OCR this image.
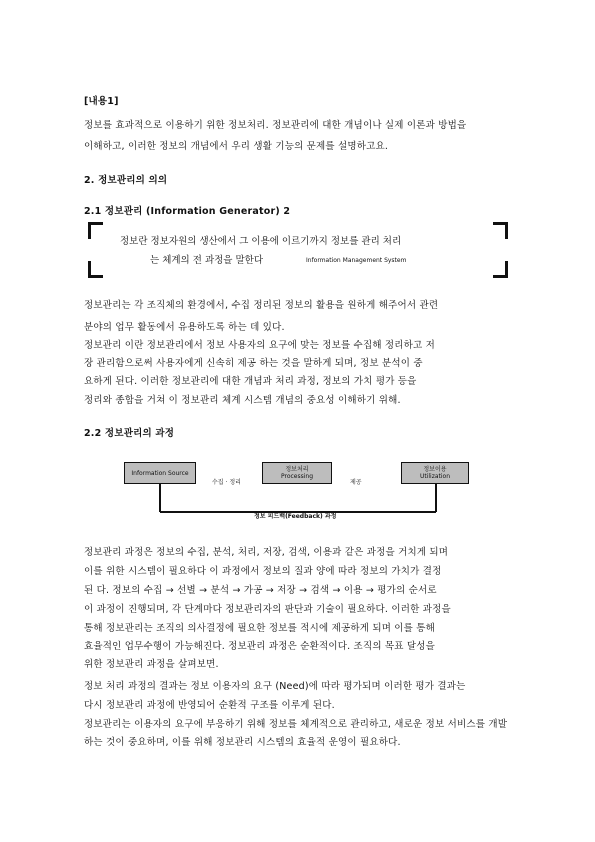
[내용1]
정보를 효과적으로 이용하기 위한 정보처리. 정보관리에 대한 개념이나 실제 이론과 방법을
이해하고, 이러한 정보의 개념에서 우리 생활 기능의 문제를 설명하고요.
2. 정보관리의 의의
2.1 정보관리 (Information Generator) 2
정보란 정보자원의 생산에서 그 이용에 이르기까지 정보를 관리 처리
는 체계의 전 과정을 말한다	Information Management System
정보관리는 각 조직체의 환경에서, 수집 정리된 정보의 활용을 원하게 해주어서 관련
분야의 업무 활동에서 유용하도록 하는 데 있다.
정보관리 이란 정보관리에서 정보 사용자의 요구에 맞는 정보를 수집해 정리하고 저
장 관리함으로써 사용자에게 신속히 제공 하는 것을 말하게 되며, 정보 분석이 중
요하게 된다. 이러한 정보관리에 대한 개념과 처리 과정, 정보의 가치 평가 등을
정리와 종합을 거쳐 이 정보관리 체계 시스템 개념의 중요성 이해하기 위해.
2.2 정보관리의 과정
Information Source
수집 · 정리
정보처리
Processing
제공
정보이용
Utilization
정보 피드백(Feedback) 과정
정보관리 과정은 정보의 수집, 분석, 처리, 저장, 검색, 이용과 같은 과정을 거치게 되며
이를 위한 시스템이 필요하다 이 과정에서 정보의 질과 양에 따라 정보의 가치가 결정
된 다. 정보의 수집 → 선별 → 분석 → 가공 → 저장 → 검색 → 이용 → 평가의 순서로
이 과정이 진행되며, 각 단계마다 정보관리자의 판단과 기술이 필요하다. 이러한 과정을
통해 정보관리는 조직의 의사결정에 필요한 정보를 적시에 제공하게 되며 이를 통해
효율적인 업무수행이 가능해진다. 정보관리 과정은 순환적이다. 조직의 목표 달성을
위한 정보관리 과정을 살펴보면.
정보 처리 과정의 결과는 정보 이용자의 요구 (Need)에 따라 평가되며 이러한 평가 결과는
다시 정보관리 과정에 반영되어 순환적 구조를 이루게 된다.
정보관리는 이용자의 요구에 부응하기 위해 정보를 체계적으로 관리하고, 새로운 정보 서비스를 개발
하는 것이 중요하며, 이를 위해 정보관리 시스템의 효율적 운영이 필요하다.
